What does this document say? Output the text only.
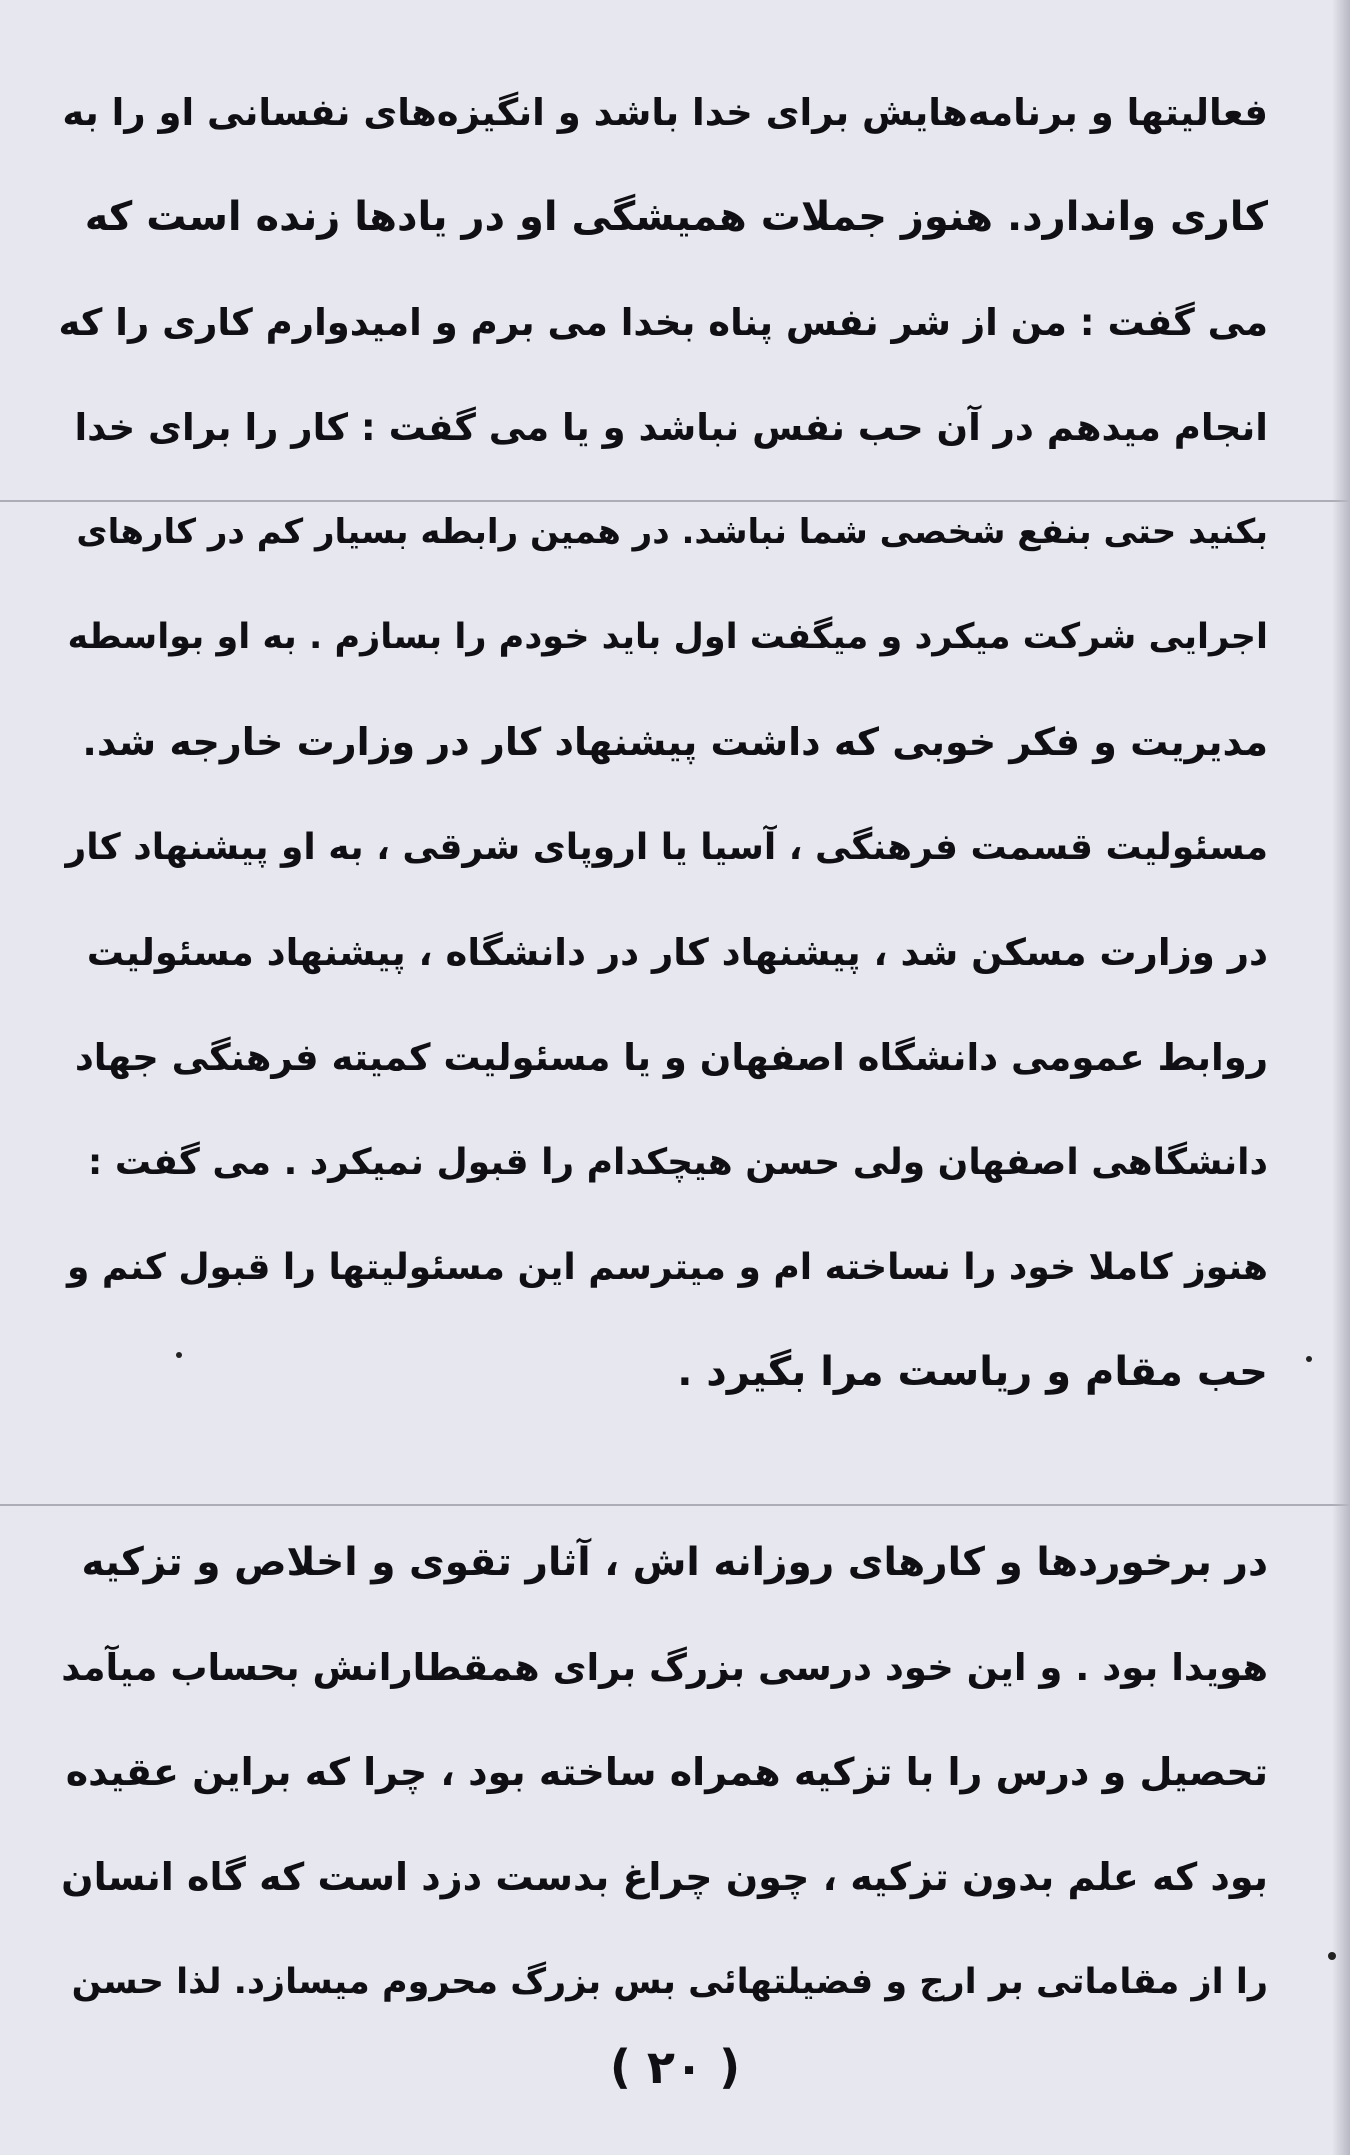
فعالیتها و برنامه‌هایش برای خدا باشد و انگیزه‌های نفسانی او را به
کاری واندارد. هنوز جملات همیشگی او در یادها زنده است که
می گفت : من از شر نفس پناه بخدا می برم و امیدوارم کاری را که
انجام میدهم در آن حب نفس نباشد و یا می گفت : کار را برای خدا
بکنید حتی بنفع شخصی شما نباشد. در همین رابطه بسیار کم در کارهای
اجرایی شرکت میکرد و میگفت اول باید خودم را بسازم . به او بواسطه
مدیریت و فکر خوبی که داشت پیشنهاد کار در وزارت خارجه شد.
مسئولیت قسمت فرهنگی ، آسیا یا اروپای شرقی ، به او پیشنهاد کار
در وزارت مسکن شد ، پیشنهاد کار در دانشگاه ، پیشنهاد مسئولیت
روابط عمومی دانشگاه اصفهان و یا مسئولیت کمیته فرهنگی جهاد
دانشگاهی اصفهان ولی حسن هیچکدام را قبول نمیکرد . می گفت :
هنوز کاملا خود را نساخته ام و میترسم این مسئولیتها را قبول کنم و
حب مقام و ریاست مرا بگیرد .
در برخوردها و کارهای روزانه اش ، آثار تقوی و اخلاص و تزکیه
هویدا بود . و این خود درسی بزرگ برای همقطارانش بحساب میآمد
تحصیل و درس را با تزکیه همراه ساخته بود ، چرا که براین عقیده
بود که علم بدون تزکیه ، چون چراغ بدست دزد است که گاه انسان
را از مقاماتی بر ارج و فضیلتهائی بس بزرگ محروم میسازد. لذا حسن
( ۲۰ )
